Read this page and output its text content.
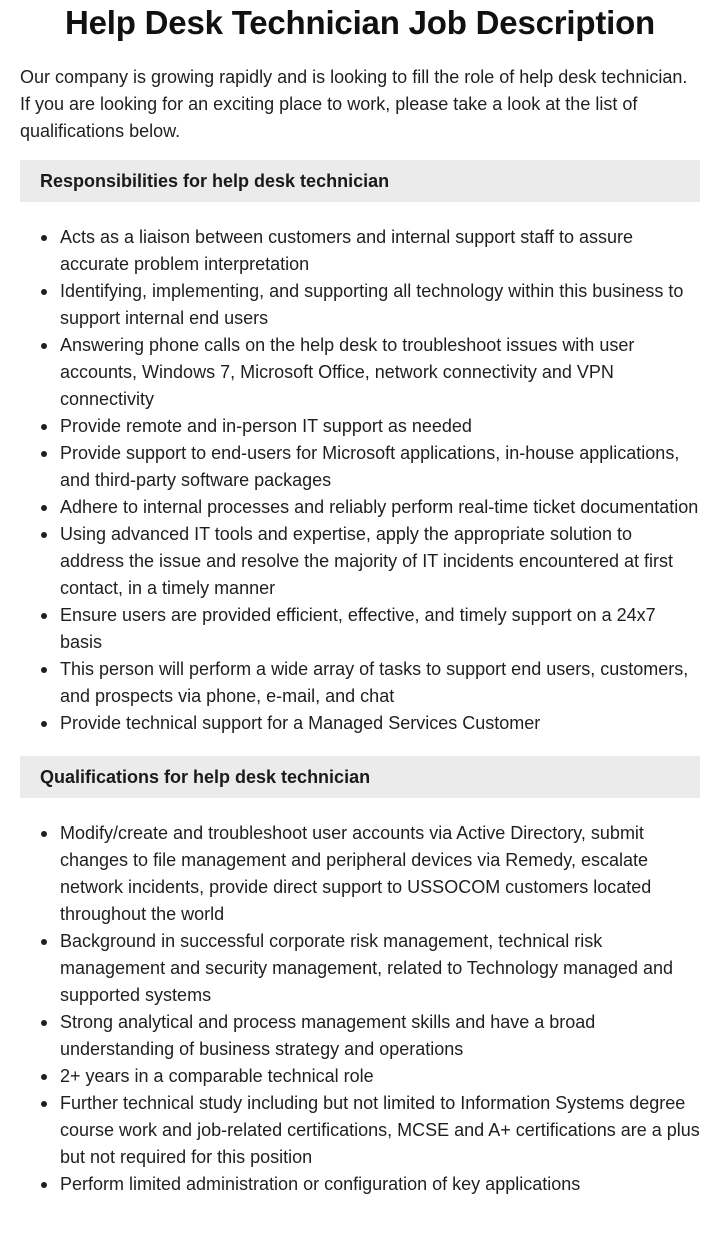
Help Desk Technician Job Description

Our company is growing rapidly and is looking to fill the role of help desk technician. If you are looking for an exciting place to work, please take a look at the list of qualifications below.

Responsibilities for help desk technician
Acts as a liaison between customers and internal support staff to assure accurate problem interpretation
Identifying, implementing, and supporting all technology within this business to support internal end users
Answering phone calls on the help desk to troubleshoot issues with user accounts, Windows 7, Microsoft Office, network connectivity and VPN connectivity
Provide remote and in-person IT support as needed
Provide support to end-users for Microsoft applications, in-house applications, and third-party software packages
Adhere to internal processes and reliably perform real-time ticket documentation
Using advanced IT tools and expertise, apply the appropriate solution to address the issue and resolve the majority of IT incidents encountered at first contact, in a timely manner
Ensure users are provided efficient, effective, and timely support on a 24x7 basis
This person will perform a wide array of tasks to support end users, customers, and prospects via phone, e-mail, and chat
Provide technical support for a Managed Services Customer
Qualifications for help desk technician
Modify/create and troubleshoot user accounts via Active Directory, submit changes to file management and peripheral devices via Remedy, escalate network incidents, provide direct support to USSOCOM customers located throughout the world
Background in successful corporate risk management, technical risk management and security management, related to Technology managed and supported systems
Strong analytical and process management skills and have a broad understanding of business strategy and operations
2+ years in a comparable technical role
Further technical study including but not limited to Information Systems degree course work and job-related certifications, MCSE and A+ certifications are a plus but not required for this position
Perform limited administration or configuration of key applications
